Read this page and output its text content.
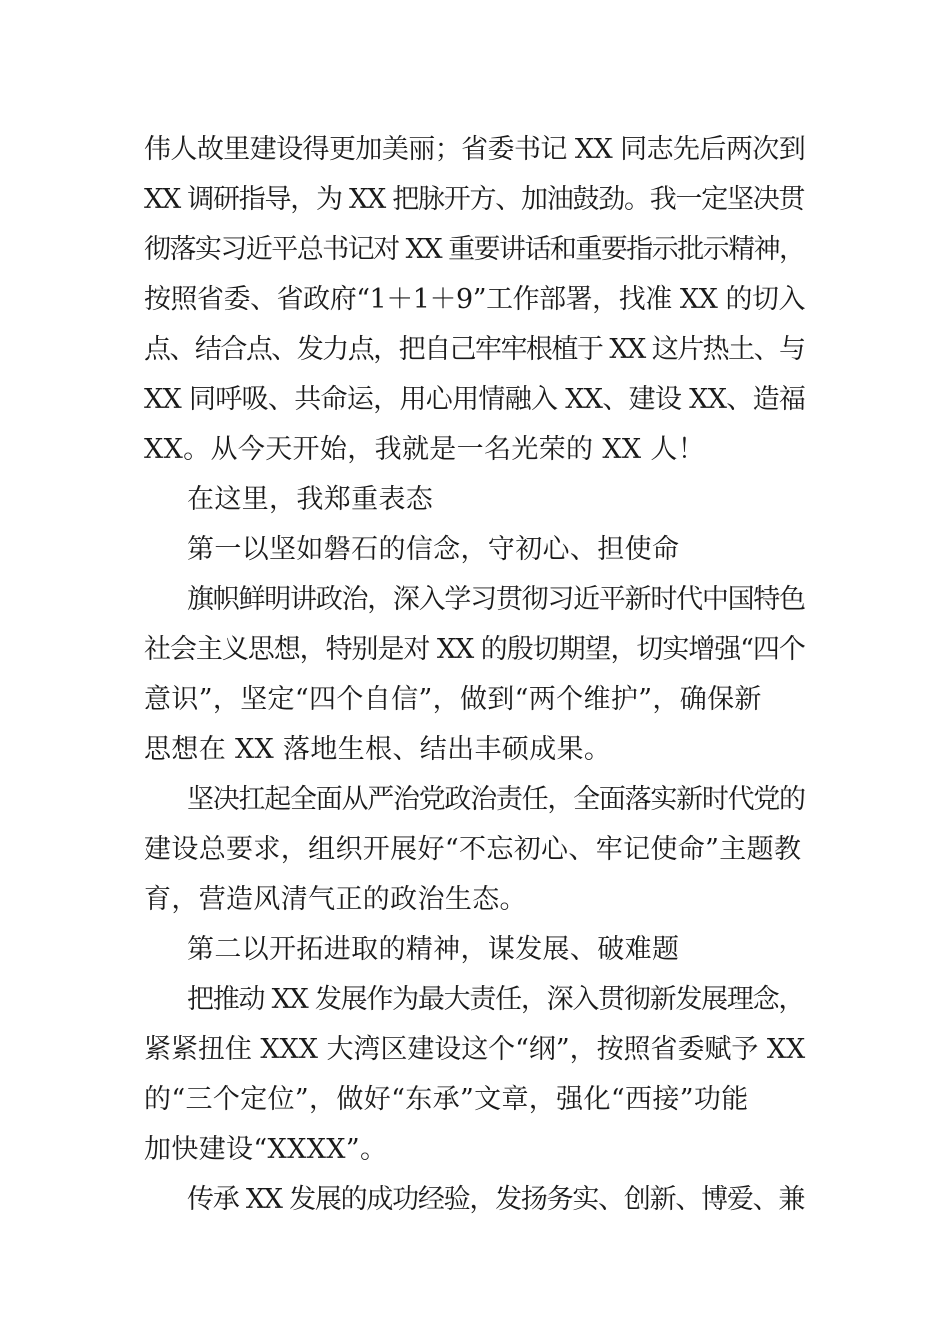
伟人故里建设得更加美丽；省委书记 XX 同志先后两次到
XX 调研指导，为 XX 把脉开方、加油鼓劲。我一定坚决贯
彻落实习近平总书记对 XX 重要讲话和重要指示批示精神，
按照省委、省政府“1＋1＋9”工作部署，找准 XX 的切入
点、结合点、发力点，把自己牢牢根植于 XX 这片热土、与
XX 同呼吸、共命运，用心用情融入 XX、建设 XX、造福
XX。从今天开始，我就是一名光荣的 XX 人！
在这里，我郑重表态
第一以坚如磐石的信念，守初心、担使命
旗帜鲜明讲政治，深入学习贯彻习近平新时代中国特色
社会主义思想，特别是对 XX 的殷切期望，切实增强“四个
意识”，坚定“四个自信”，做到“两个维护”，确保新
思想在 XX 落地生根、结出丰硕成果。
坚决扛起全面从严治党政治责任，全面落实新时代党的
建设总要求，组织开展好“不忘初心、牢记使命”主题教
育，营造风清气正的政治生态。
第二以开拓进取的精神，谋发展、破难题
把推动 XX 发展作为最大责任，深入贯彻新发展理念，
紧紧扭住 XXX 大湾区建设这个“纲”，按照省委赋予 XX
的“三个定位”，做好“东承”文章，强化“西接”功能
加快建设“XXXX”。
传承 XX 发展的成功经验，发扬务实、创新、博爱、兼
